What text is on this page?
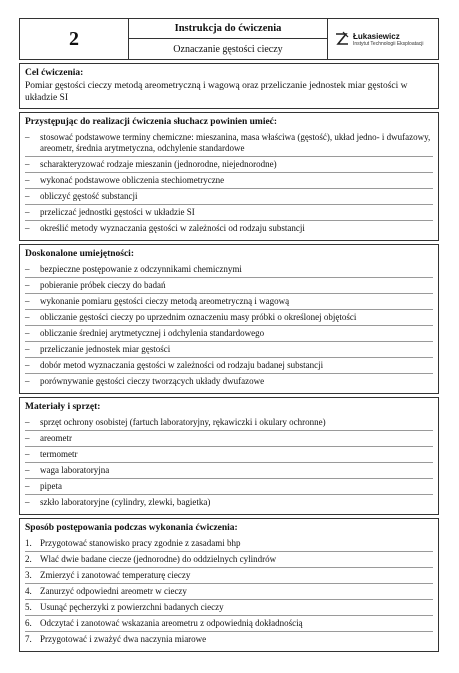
2	Instrukcja do ćwiczenia
Oznaczanie gęstości cieczy
Łukasiewicz
Instytut Technologii Eksploatacji
Cel ćwiczenia:
Pomiar gęstości cieczy metodą areometryczną i wagową oraz przeliczanie jednostek miar gęstości w układzie SI
Przystępując do realizacji ćwiczenia słuchacz powinien umieć:
– stosować podstawowe terminy chemiczne: mieszanina, masa właściwa (gęstość), układ jedno- i dwufazowy, areometr, średnia arytmetyczna, odchylenie standardowe
– scharakteryzować rodzaje mieszanin (jednorodne, niejednorodne)
– wykonać podstawowe obliczenia stechiometryczne
– obliczyć gęstość substancji
– przeliczać jednostki gęstości w układzie SI
– określić metody wyznaczania gęstości w zależności od rodzaju substancji
Doskonalone umiejętności:
– bezpieczne postępowanie z odczynnikami chemicznymi
– pobieranie próbek cieczy do badań
– wykonanie pomiaru gęstości cieczy metodą areometryczną i wagową
– obliczanie gęstości cieczy po uprzednim oznaczeniu masy próbki o określonej objętości
– obliczanie średniej arytmetycznej i odchylenia standardowego
– przeliczanie jednostek miar gęstości
– dobór metod wyznaczania gęstości w zależności od rodzaju badanej substancji
– porównywanie gęstości cieczy tworzących układy dwufazowe
Materiały i sprzęt:
– sprzęt ochrony osobistej (fartuch laboratoryjny, rękawiczki i okulary ochronne)
– areometr
– termometr
– waga laboratoryjna
– pipeta
– szkło laboratoryjne (cylindry, zlewki, bagietka)
Sposób postępowania podczas wykonania ćwiczenia:
1. Przygotować stanowisko pracy zgodnie z zasadami bhp
2. Wlać dwie badane ciecze (jednorodne) do oddzielnych cylindrów
3. Zmierzyć i zanotować temperaturę cieczy
4. Zanurzyć odpowiedni areometr w cieczy
5. Usunąć pęcherzyki z powierzchni badanych cieczy
6. Odczytać i zanotować wskazania areometru z odpowiednią dokładnością
7. Przygotować i zważyć dwa naczynia miarowe
